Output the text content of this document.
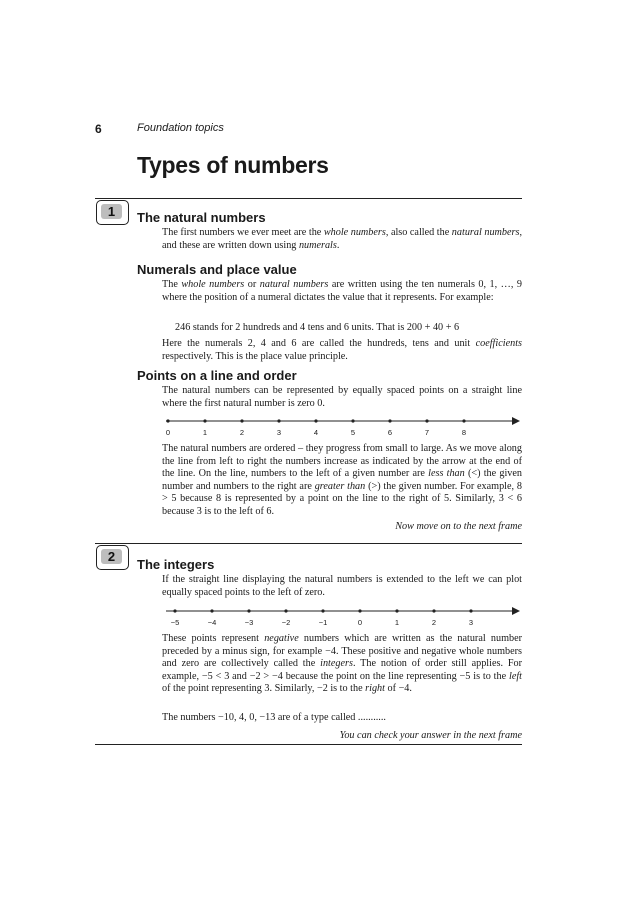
6	Foundation topics
Types of numbers
1	The natural numbers
The first numbers we ever meet are the whole numbers, also called the natural numbers, and these are written down using numerals.
Numerals and place value
The whole numbers or natural numbers are written using the ten numerals 0, 1, …, 9 where the position of a numeral dictates the value that it represents. For example:
246 stands for 2 hundreds and 4 tens and 6 units. That is 200 + 40 + 6
Here the numerals 2, 4 and 6 are called the hundreds, tens and unit coefficients respectively. This is the place value principle.
Points on a line and order
The natural numbers can be represented by equally spaced points on a straight line where the first natural number is zero 0.
0	1	2	3	4	5	6	7	8
The natural numbers are ordered – they progress from small to large. As we move along the line from left to right the numbers increase as indicated by the arrow at the end of the line. On the line, numbers to the left of a given number are less than (<) the given number and numbers to the right are greater than (>) the given number. For example, 8 > 5 because 8 is represented by a point on the line to the right of 5. Similarly, 3 < 6 because 3 is to the left of 6.
Now move on to the next frame
2
The integers
If the straight line displaying the natural numbers is extended to the left we can plot equally spaced points to the left of zero.
−5	−4	−3	−2	−1	0	1	2	3
These points represent negative numbers which are written as the natural number preceded by a minus sign, for example −4. These positive and negative whole numbers and zero are collectively called the integers. The notion of order still applies. For example, −5 < 3 and −2 > −4 because the point on the line representing −5 is to the left of the point representing 3. Similarly, −2 is to the right of −4.
The numbers −10, 4, 0, −13 are of a type called ...........
You can check your answer in the next frame
